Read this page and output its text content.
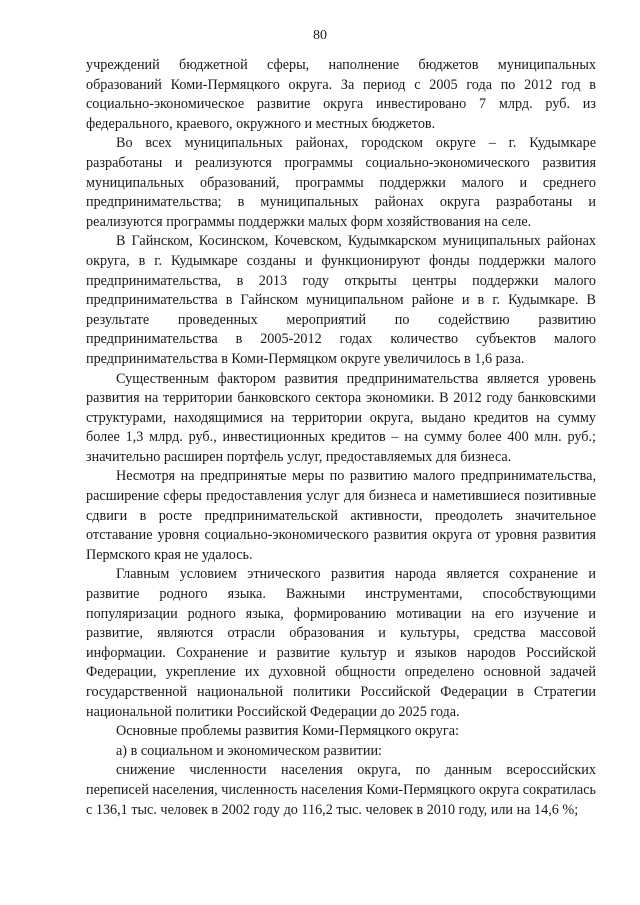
80

учреждений бюджетной сферы, наполнение бюджетов муниципальных образований Коми-Пермяцкого округа. За период с 2005 года по 2012 год в социально-экономическое развитие округа инвестировано 7 млрд. руб. из федерального, краевого, окружного и местных бюджетов.

Во всех муниципальных районах, городском округе – г. Кудымкаре разработаны и реализуются программы социально-экономического развития муниципальных образований, программы поддержки малого и среднего предпринимательства; в муниципальных районах округа разработаны и реализуются программы поддержки малых форм хозяйствования на селе.

В Гайнском, Косинском, Кочевском, Кудымкарском муниципальных районах округа, в г. Кудымкаре созданы и функционируют фонды поддержки малого предпринимательства, в 2013 году открыты центры поддержки малого предпринимательства в Гайнском муниципальном районе и в г. Кудымкаре. В результате проведенных мероприятий по содействию развитию предпринимательства в 2005-2012 годах количество субъектов малого предпринимательства в Коми-Пермяцком округе увеличилось в 1,6 раза.

Существенным фактором развития предпринимательства является уровень развития на территории банковского сектора экономики. В 2012 году банковскими структурами, находящимися на территории округа, выдано кредитов на сумму более 1,3 млрд. руб., инвестиционных кредитов – на сумму более 400 млн. руб.; значительно расширен портфель услуг, предоставляемых для бизнеса.

Несмотря на предпринятые меры по развитию малого предпринимательства, расширение сферы предоставления услуг для бизнеса и наметившиеся позитивные сдвиги в росте предпринимательской активности, преодолеть значительное отставание уровня социально-экономического развития округа от уровня развития Пермского края не удалось.

Главным условием этнического развития народа является сохранение и развитие родного языка. Важными инструментами, способствующими популяризации родного языка, формированию мотивации на его изучение и развитие, являются отрасли образования и культуры, средства массовой информации. Сохранение и развитие культур и языков народов Российской Федерации, укрепление их духовной общности определено основной задачей государственной национальной политики Российской Федерации в Стратегии национальной политики Российской Федерации до 2025 года.

Основные проблемы развития Коми-Пермяцкого округа:

а) в социальном и экономическом развитии:

снижение численности населения округа, по данным всероссийских переписей населения, численность населения Коми-Пермяцкого округа сократилась с 136,1 тыс. человек в 2002 году до 116,2 тыс. человек в 2010 году, или на 14,6 %;
